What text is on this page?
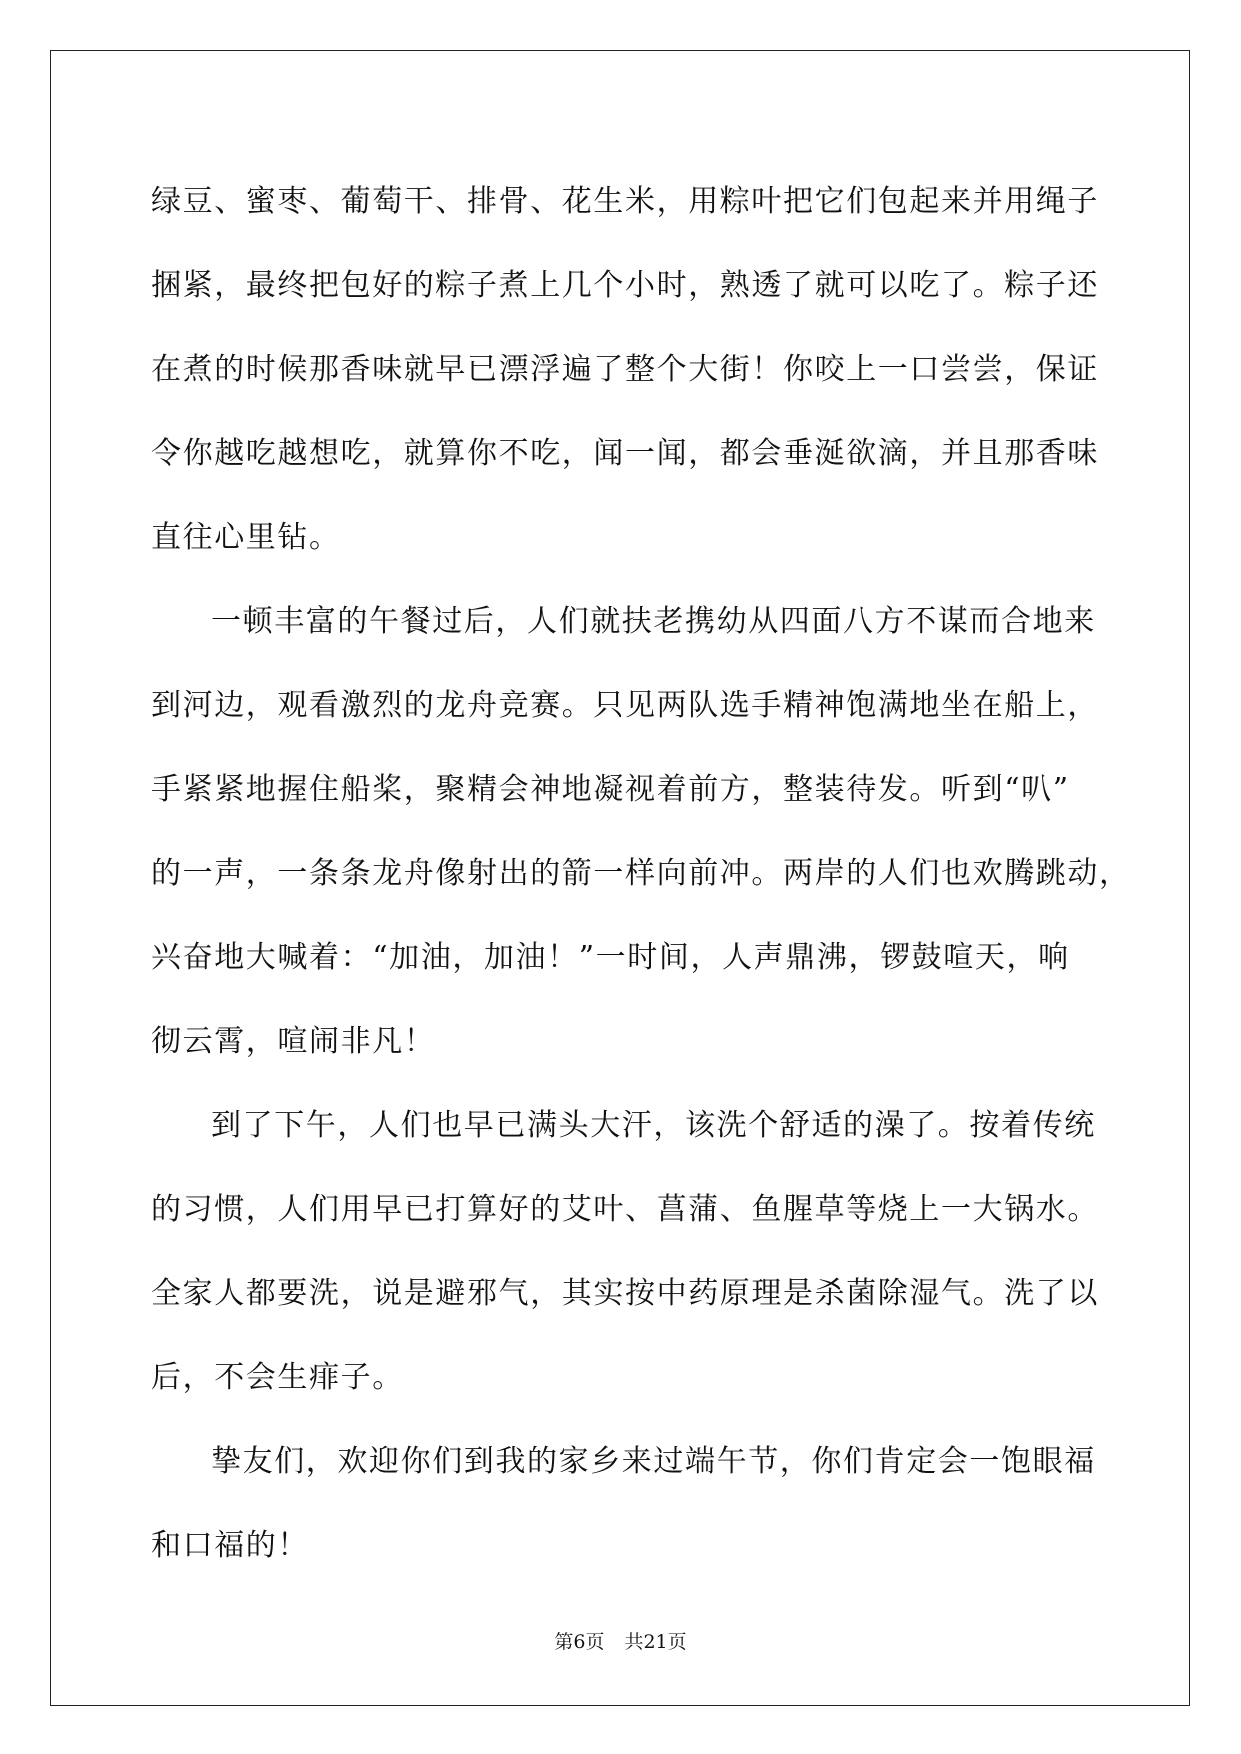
绿豆、蜜枣、葡萄干、排骨、花生米，用粽叶把它们包起来并用绳子
捆紧，最终把包好的粽子煮上几个小时，熟透了就可以吃了。粽子还
在煮的时候那香味就早已漂浮遍了整个大街！你咬上一口尝尝，保证
令你越吃越想吃，就算你不吃，闻一闻，都会垂涎欲滴，并且那香味
直往心里钻。
一顿丰富的午餐过后，人们就扶老携幼从四面八方不谋而合地来
到河边，观看激烈的龙舟竞赛。只见两队选手精神饱满地坐在船上，
手紧紧地握住船桨，聚精会神地凝视着前方，整装待发。听到“叭”
的一声，一条条龙舟像射出的箭一样向前冲。两岸的人们也欢腾跳动，
兴奋地大喊着：“加油，加油！”一时间，人声鼎沸，锣鼓喧天，响
彻云霄，喧闹非凡！
到了下午，人们也早已满头大汗，该洗个舒适的澡了。按着传统
的习惯，人们用早已打算好的艾叶、菖蒲、鱼腥草等烧上一大锅水。
全家人都要洗，说是避邪气，其实按中药原理是杀菌除湿气。洗了以
后，不会生痱子。
挚友们，欢迎你们到我的家乡来过端午节，你们肯定会一饱眼福
和口福的！
第6页 共21页
